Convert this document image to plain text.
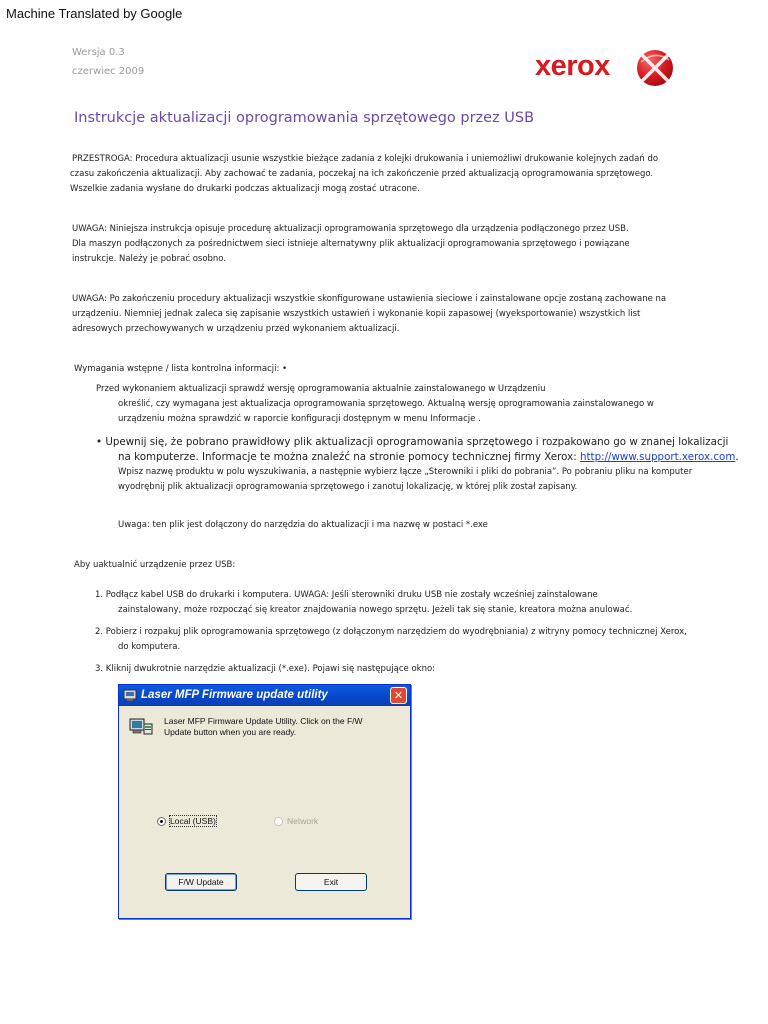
Machine Translated by Google
Wersja 0.3
czerwiec 2009	xerox
Instrukcje aktualizacji oprogramowania sprzętowego przez USB
PRZESTROGA: Procedura aktualizacji usunie wszystkie bieżące zadania z kolejki drukowania i uniemożliwi drukowanie kolejnych zadań do
czasu zakończenia aktualizacji. Aby zachować te zadania, poczekaj na ich zakończenie przed aktualizacją oprogramowania sprzętowego.
Wszelkie zadania wysłane do drukarki podczas aktualizacji mogą zostać utracone.
UWAGA: Niniejsza instrukcja opisuje procedurę aktualizacji oprogramowania sprzętowego dla urządzenia podłączonego przez USB.
Dla maszyn podłączonych za pośrednictwem sieci istnieje alternatywny plik aktualizacji oprogramowania sprzętowego i powiązane
instrukcje. Należy je pobrać osobno.
UWAGA: Po zakończeniu procedury aktualizacji wszystkie skonfigurowane ustawienia sieciowe i zainstalowane opcje zostaną zachowane na
urządzeniu. Niemniej jednak zaleca się zapisanie wszystkich ustawień i wykonanie kopii zapasowej (wyeksportowanie) wszystkich list
adresowych przechowywanych w urządzeniu przed wykonaniem aktualizacji.
Wymagania wstępne / lista kontrolna informacji: •
Przed wykonaniem aktualizacji sprawdź wersję oprogramowania aktualnie zainstalowanego w Urządzeniu
określić, czy wymagana jest aktualizacja oprogramowania sprzętowego. Aktualną wersję oprogramowania zainstalowanego w
urządzeniu można sprawdzić w raporcie konfiguracji dostępnym w menu Informacje .
• Upewnij się, że pobrano prawidłowy plik aktualizacji oprogramowania sprzętowego i rozpakowano go w znanej lokalizacji
na komputerze. Informacje te można znaleźć na stronie pomocy technicznej firmy Xerox: http://www.support.xerox.com.
Wpisz nazwę produktu w polu wyszukiwania, a następnie wybierz łącze „Sterowniki i pliki do pobrania”. Po pobraniu pliku na komputer
wyodrębnij plik aktualizacji oprogramowania sprzętowego i zanotuj lokalizację, w której plik został zapisany.
Uwaga: ten plik jest dołączony do narzędzia do aktualizacji i ma nazwę w postaci *.exe
Aby uaktualnić urządzenie przez USB:
1. Podłącz kabel USB do drukarki i komputera. UWAGA: Jeśli sterowniki druku USB nie zostały wcześniej zainstalowane
zainstalowany, może rozpocząć się kreator znajdowania nowego sprzętu. Jeżeli tak się stanie, kreatora można anulować.
2. Pobierz i rozpakuj plik oprogramowania sprzętowego (z dołączonym narzędziem do wyodrębniania) z witryny pomocy technicznej Xerox,
do komputera.
3. Kliknij dwukrotnie narzędzie aktualizacji (*.exe). Pojawi się następujące okno:
Laser MFP Firmware update utility	✕
Laser MFP Firmware Update Utility. Click on the F/W
Update button when you are ready.
Local (USB)	Network
F/W Update	Exit
